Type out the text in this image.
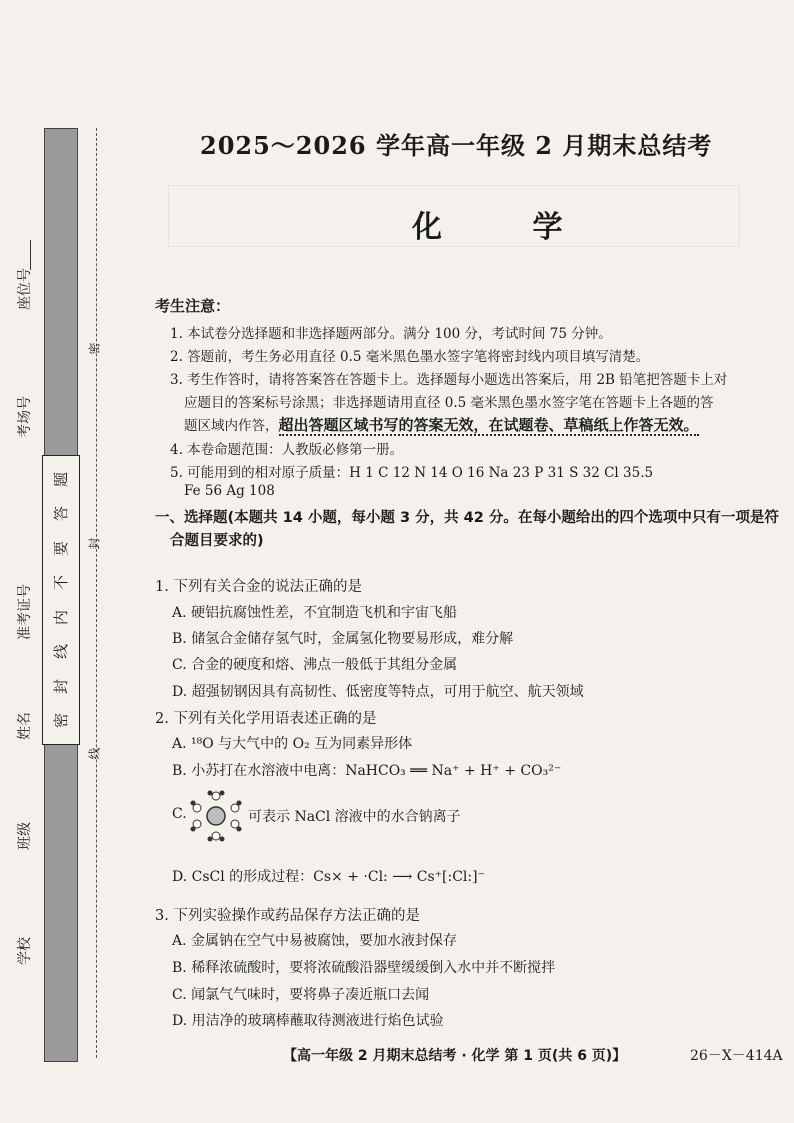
题
答
要
不
内
线
封
密
座位号
考场号
准考证号
姓名
班级
学校
密
封
线
2025～2026 学年高一年级 2 月期末总结考
化 学
考生注意：
1. 本试卷分选择题和非选择题两部分。满分 100 分，考试时间 75 分钟。
2. 答题前，考生务必用直径 0.5 毫米黑色墨水签字笔将密封线内项目填写清楚。
3. 考生作答时，请将答案答在答题卡上。选择题每小题选出答案后，用 2B 铅笔把答题卡上对
应题目的答案标号涂黑；非选择题请用直径 0.5 毫米黑色墨水签字笔在答题卡上各题的答
题区域内作答，超出答题区域书写的答案无效，在试题卷、草稿纸上作答无效。
4. 本卷命题范围：人教版必修第一册。
5. 可能用到的相对原子质量：H 1 C 12 N 14 O 16 Na 23 P 31 S 32 Cl 35.5
Fe 56 Ag 108
一、选择题(本题共 14 小题，每小题 3 分，共 42 分。在每小题给出的四个选项中只有一项是符
合题目要求的)
1. 下列有关合金的说法正确的是
A. 硬铝抗腐蚀性差，不宜制造飞机和宇宙飞船
B. 储氢合金储存氢气时，金属氢化物要易形成，难分解
C. 合金的硬度和熔、沸点一般低于其组分金属
D. 超强韧钢因具有高韧性、低密度等特点，可用于航空、航天领域
2. 下列有关化学用语表述正确的是
A. ¹⁸O 与大气中的 O₂ 互为同素异形体
B. 小苏打在水溶液中电离：NaHCO₃ ══ Na⁺ + H⁺ + CO₃²⁻
C.	可表示 NaCl 溶液中的水合钠离子
D. CsCl 的形成过程：Cs× + ·Cl: ⟶ Cs⁺[:Cl:]⁻
3. 下列实验操作或药品保存方法正确的是
A. 金属钠在空气中易被腐蚀，要加水液封保存
B. 稀释浓硫酸时，要将浓硫酸沿器壁缓缓倒入水中并不断搅拌
C. 闻氯气气味时，要将鼻子凑近瓶口去闻
D. 用洁净的玻璃棒蘸取待测液进行焰色试验
【高一年级 2 月期末总结考 · 化学 第 1 页(共 6 页)】	26－X－414A
